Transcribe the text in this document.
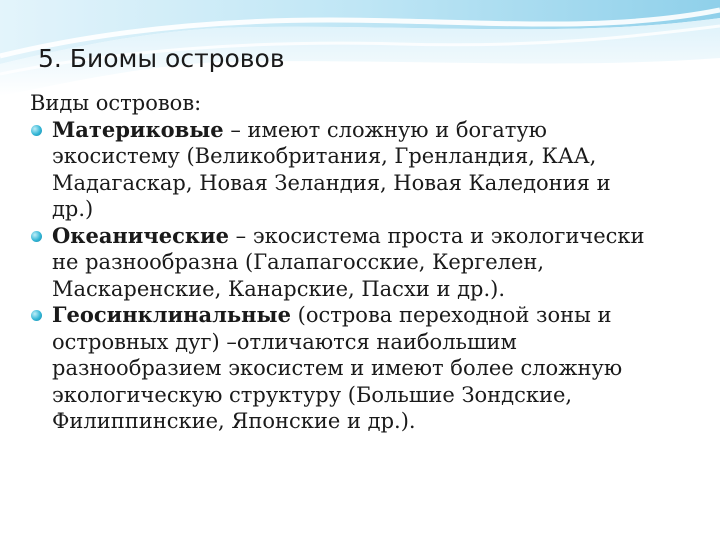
5. Биомы островов

Виды островов:

Материковые – имеют сложную и богатую
экосистему (Великобритания, Гренландия, КАА,
Мадагаскар, Новая Зеландия, Новая Каледония и
др.)
Океанические – экосистема проста и экологически
не разнообразна (Галапагосские, Кергелен,
Маскаренские, Канарские, Пасхи и др.).
Геосинклинальные (острова переходной зоны и
островных дуг) –отличаются наибольшим
разнообразием экосистем и имеют более сложную
экологическую структуру (Большие Зондские,
Филиппинские, Японские и др.).
